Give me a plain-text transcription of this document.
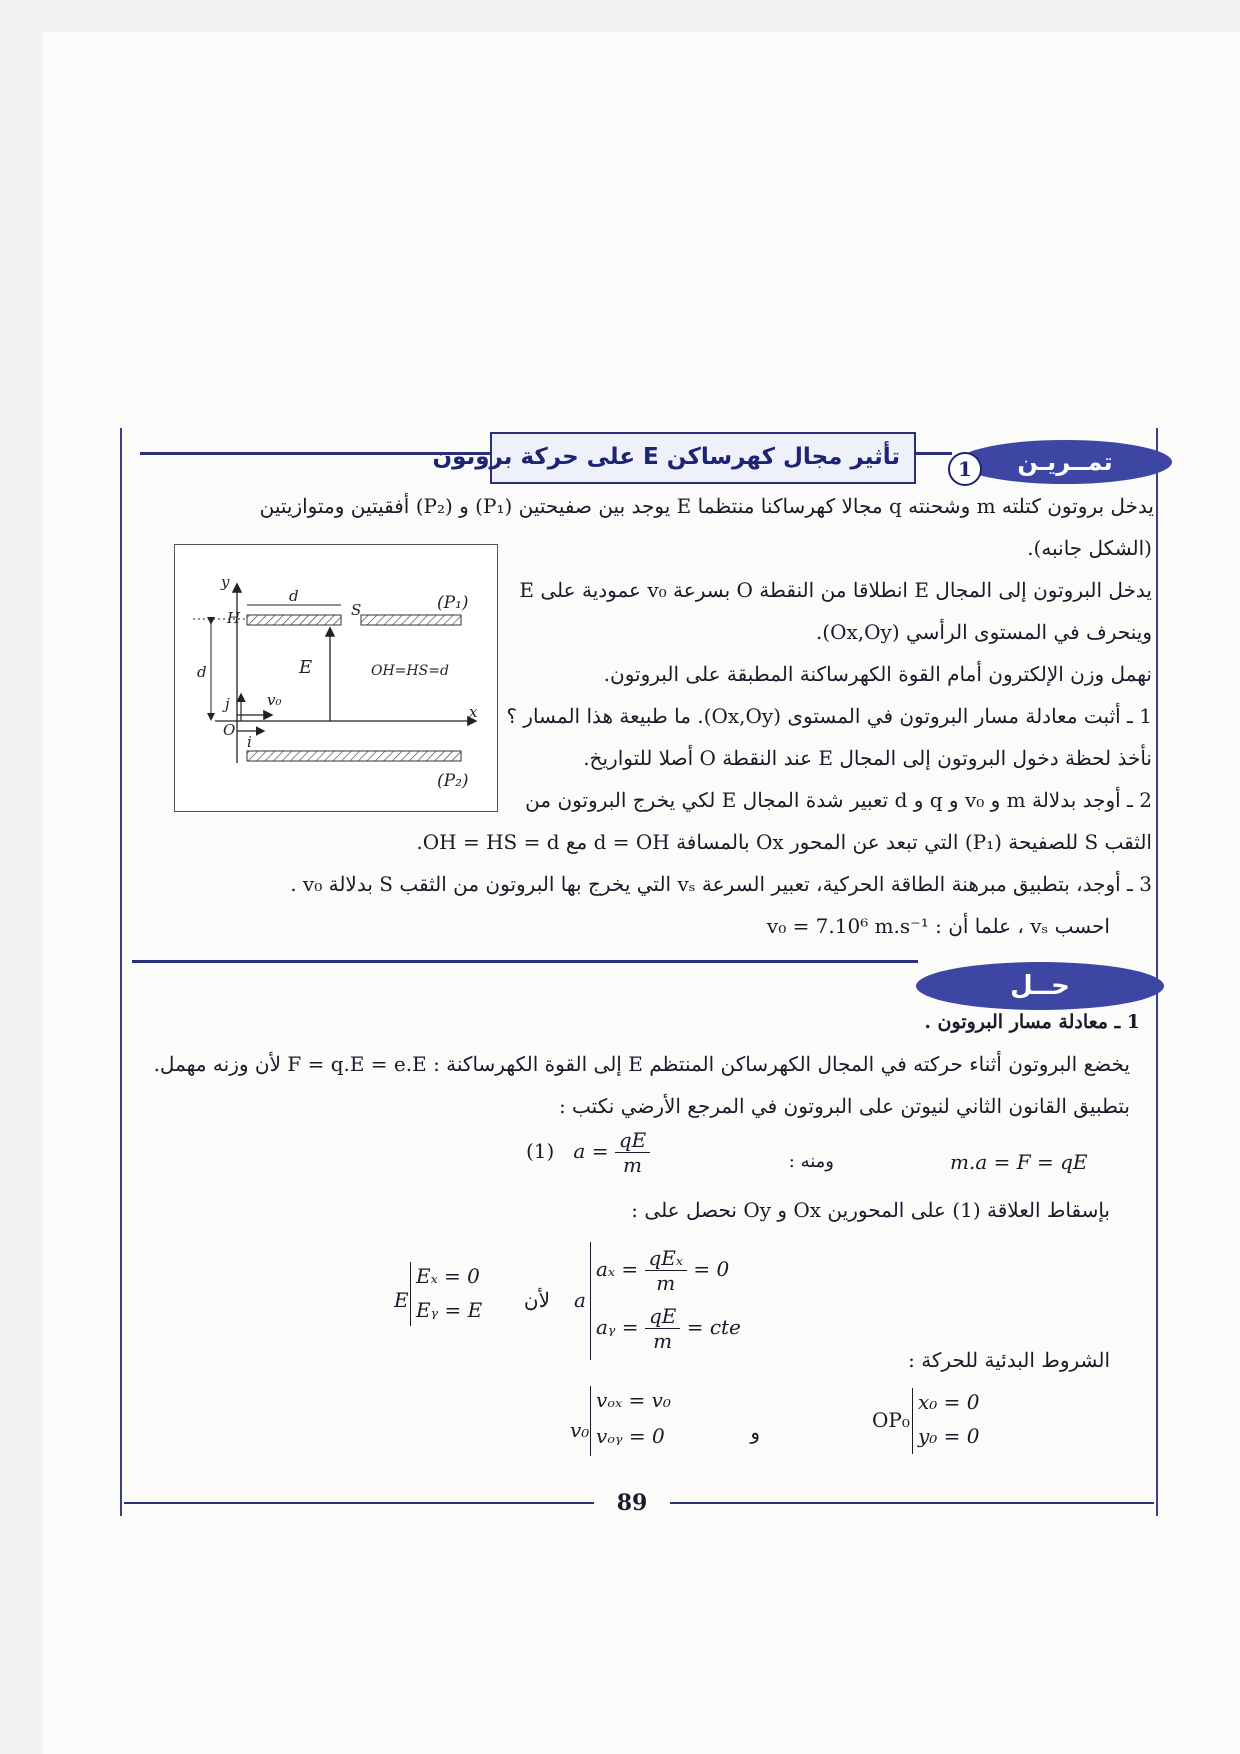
تأثير مجال كهرساكن E على حركة بروتون	تمــريـن
1
يدخل بروتون كتلته m وشحنته q مجالا كهرساكنا منتظما E يوجد بين صفيحتين (P₁) و (P₂) أفقيتين ومتوازيتين
(الشكل جانبه).
يدخل البروتون إلى المجال E انطلاقا من النقطة O بسرعة v₀ عمودية على E
وينحرف في المستوى الرأسي (Ox,Oy).
نهمل وزن الإلكترون أمام القوة الكهرساكنة المطبقة على البروتون.
1 ـ أثبت معادلة مسار البروتون في المستوى (Ox,Oy). ما طبيعة هذا المسار ؟
نأخذ لحظة دخول البروتون إلى المجال E عند النقطة O أصلا للتواريخ.
2 ـ أوجد بدلالة m و v₀ و q و d تعبير شدة المجال E لكي يخرج البروتون من
الثقب S للصفيحة (P₁) التي تبعد عن المحور Ox بالمسافة d = OH مع OH = HS = d.
3 ـ أوجد، بتطبيق مبرهنة الطاقة الحركية، تعبير السرعة vₛ التي يخرج بها البروتون من الثقب S بدلالة v₀ .
احسب vₛ ، علما أن : v₀ = 7.10⁶ m.s⁻¹
y
x
d
S
H
(P₁)
d	E	OH=HS=d
j v₀
O
i
(P₂)
حــل
1 ـ معادلة مسار البروتون .
يخضع البروتون أثناء حركته في المجال الكهرساكن المنتظم E إلى القوة الكهرساكنة : F = q.E = e.E لأن وزنه مهمل.
بتطبيق القانون الثاني لنيوتن على البروتون في المرجع الأرضي نكتب :
m.a = F = qE
ومنه :
(1) $a = \frac{qE}{m}$
بإسقاط العلاقة (1) على المحورين Ox و Oy نحصل على :
E
Eₓ = 0
Eᵧ = E لأن a
$a_x = \frac{\text{qEₓ}}{m} = 0$
aᵧ = $\frac{qE}{m}$ = cte
الشروط البدئية للحركة :
v₀
vₒₓ = v₀
vₒᵧ = 0	و	OP₀
x₀ = 0
y₀ = 0
89
